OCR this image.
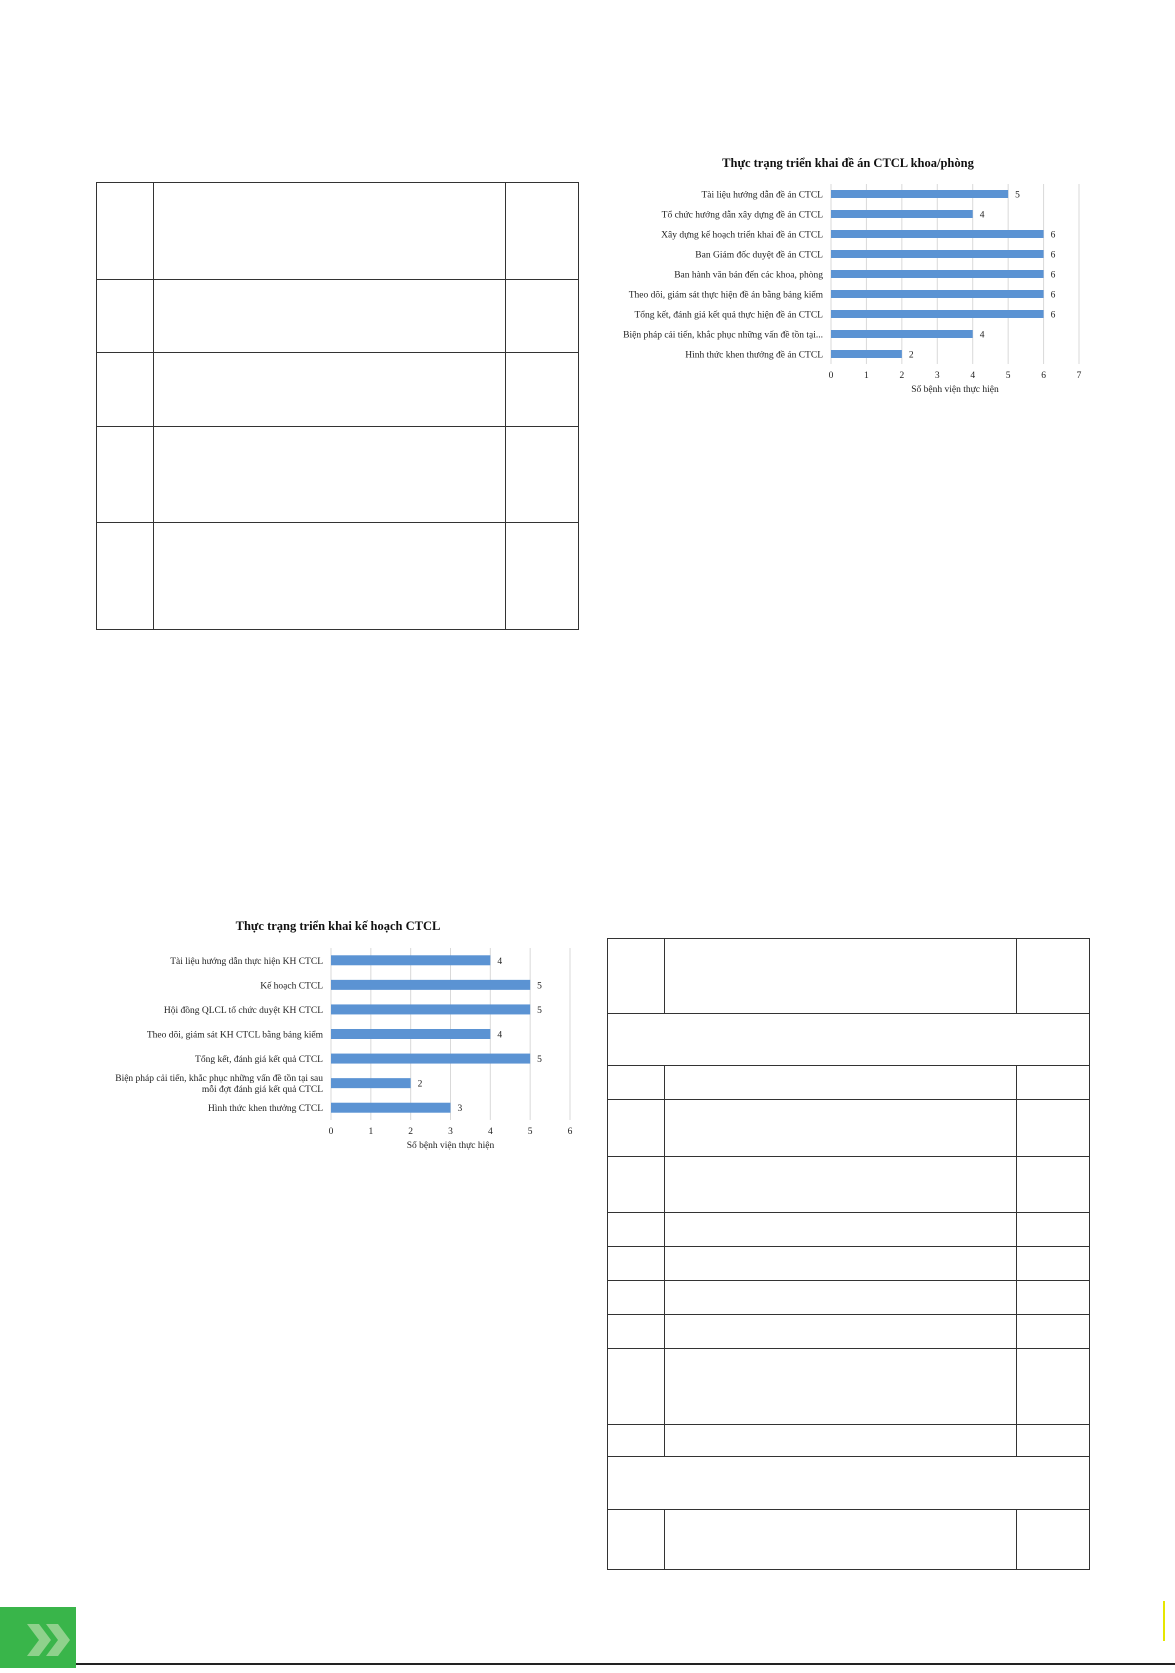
Thực trạng triển khai đề án CTCL khoa/phòng
Tài liệu hướng dẫn đề án CTCL	5
Tổ chức hướng dẫn xây dựng đề án CTCL	4
Xây dựng kế hoạch triển khai đề án CTCL	6
Ban Giám đốc duyệt đề án CTCL	6
Ban hành văn bản đến các khoa, phòng	6
Theo dõi, giám sát thực hiện đề án bằng bảng kiểm	6
Tổng kết, đánh giá kết quả thực hiện đề án CTCL	6
Biện pháp cải tiến, khắc phục những vấn đề tồn tại...	4
Hình thức khen thưởng đề án CTCL	2
0	1	2	3	4	5	6	7
Số bệnh viện thực hiện
Thực trạng triển khai kế hoạch CTCL
Tài liệu hướng dẫn thực hiện KH CTCL	4
Kế hoạch CTCL	5
Hội đồng QLCL tổ chức duyệt KH CTCL	5
Theo dõi, giám sát KH CTCL bằng bảng kiểm	4
Tổng kết, đánh giá kết quả CTCL	5
Biện pháp cải tiến, khắc phục những vấn đề tồn tại sau mỗi đợt đánh giá kết quả CTCL
2
Hình thức khen thưởng CTCL	3
0	1	2	3	4	5	6
Số bệnh viện thực hiện
